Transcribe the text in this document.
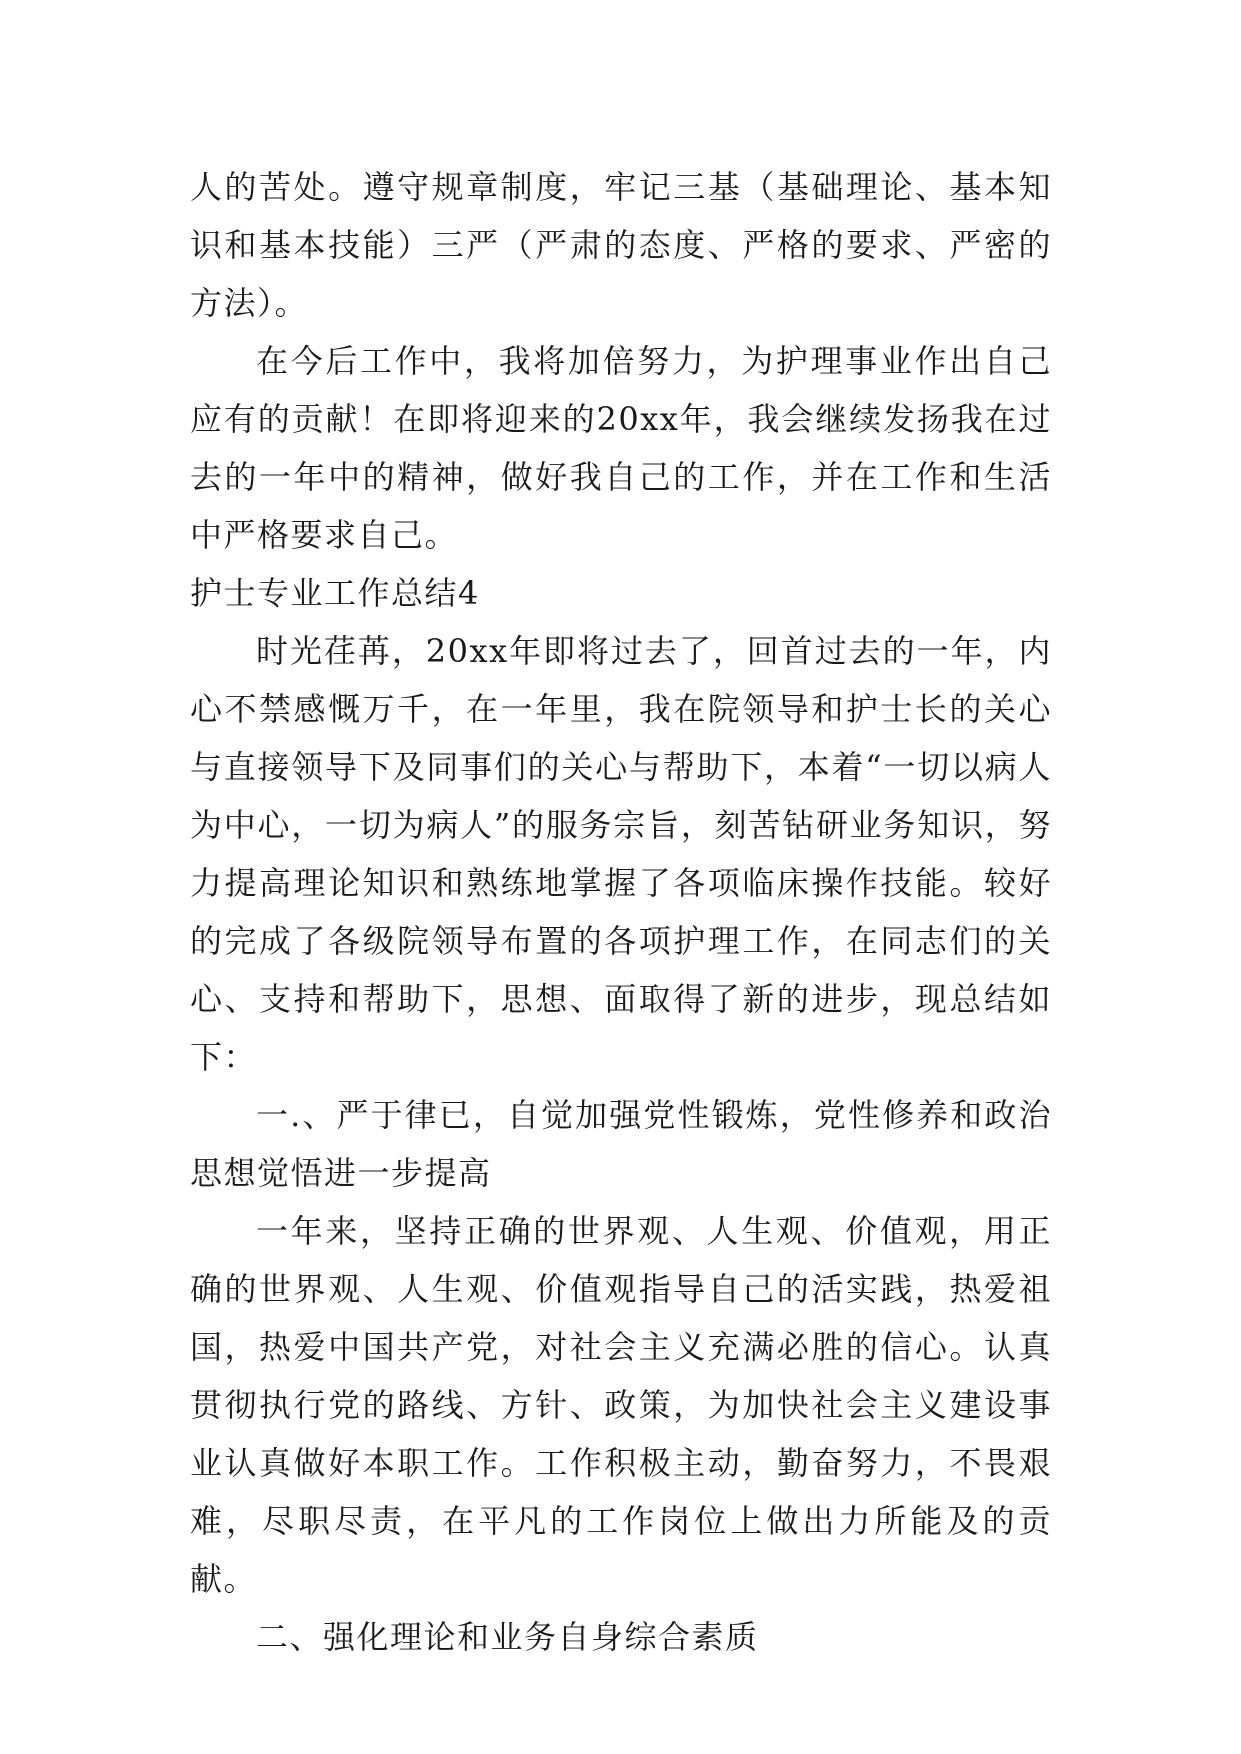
人的苦处。遵守规章制度，牢记三基（基础理论、基本知识和基本技能）三严（严肃的态度、严格的要求、严密的方法）。

在今后工作中，我将加倍努力，为护理事业作出自己应有的贡献！在即将迎来的20xx年，我会继续发扬我在过去的一年中的精神，做好我自己的工作，并在工作和生活中严格要求自己。

护士专业工作总结4

时光荏苒，20xx年即将过去了，回首过去的一年，内心不禁感慨万千，在一年里，我在院领导和护士长的关心与直接领导下及同事们的关心与帮助下，本着“一切以病人为中心，一切为病人”的服务宗旨，刻苦钻研业务知识，努力提高理论知识和熟练地掌握了各项临床操作技能。较好的完成了各级院领导布置的各项护理工作，在同志们的关心、支持和帮助下，思想、面取得了新的进步，现总结如下：

一.、严于律已，自觉加强党性锻炼，党性修养和政治思想觉悟进一步提高

一年来，坚持正确的世界观、人生观、价值观，用正确的世界观、人生观、价值观指导自己的活实践，热爱祖国，热爱中国共产党，对社会主义充满必胜的信心。认真贯彻执行党的路线、方针、政策，为加快社会主义建设事业认真做好本职工作。工作积极主动，勤奋努力，不畏艰难，尽职尽责，在平凡的工作岗位上做出力所能及的贡献。

二、强化理论和业务自身综合素质
